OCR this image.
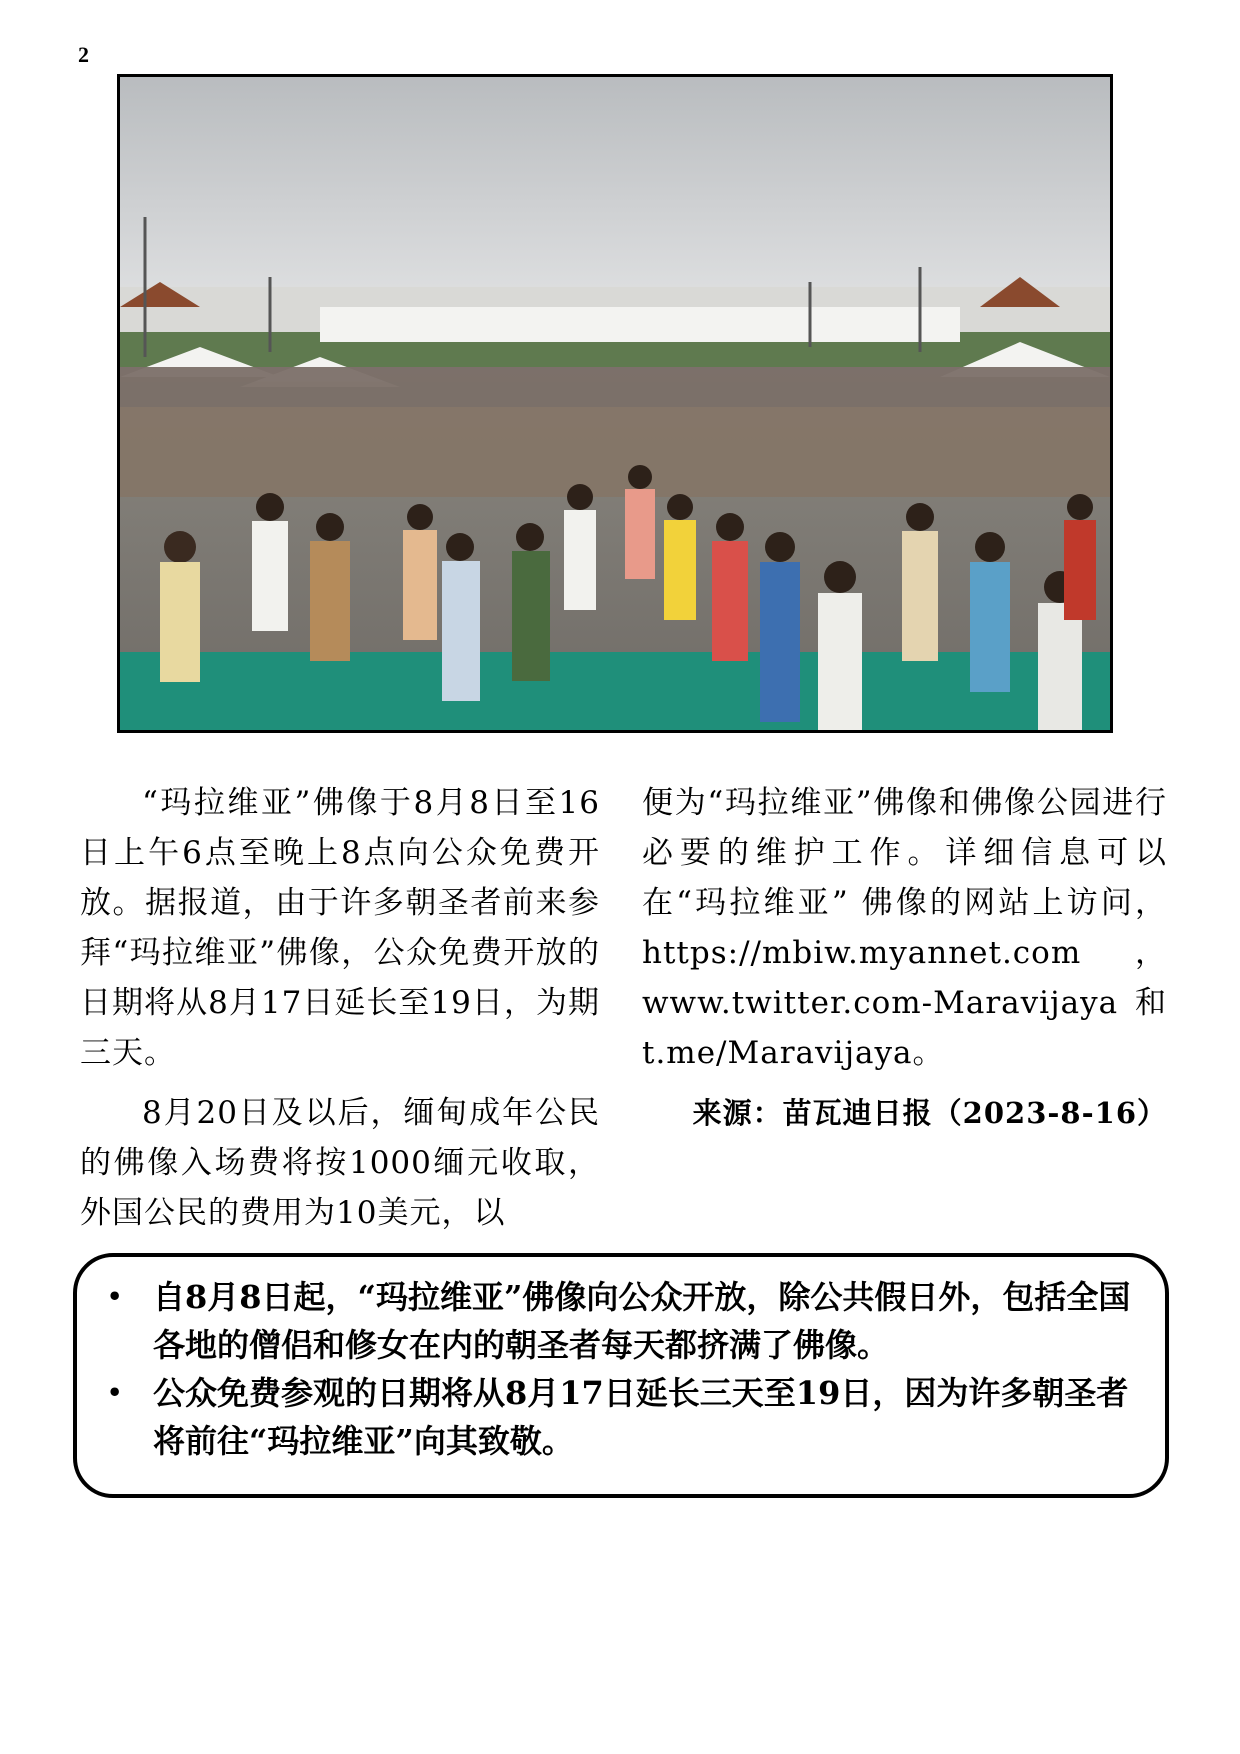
2

“玛拉维亚”佛像于8月8日至16日上午6点至晚上8点向公众免费开放。据报道，由于许多朝圣者前来参拜“玛拉维亚”佛像，公众免费开放的日期将从8月17日延长至19日，为期三天。

8月20日及以后，缅甸成年公民的佛像入场费将按1000缅元收取，外国公民的费用为10美元，以

便为“玛拉维亚”佛像和佛像公园进行必要的维护工作。详细信息可以在“玛拉维亚” 佛像的网站上访问，https://mbiw.myannet.com，www.twitter.com-Maravijaya和t.me/Maravijaya。

来源：苗瓦迪日报（2023-8-16）

• 自8月8日起，“玛拉维亚”佛像向公众开放，除公共假日外，包括全国各地的僧侣和修女在内的朝圣者每天都挤满了佛像。
• 公众免费参观的日期将从8月17日延长三天至19日，因为许多朝圣者将前往“玛拉维亚”向其致敬。
